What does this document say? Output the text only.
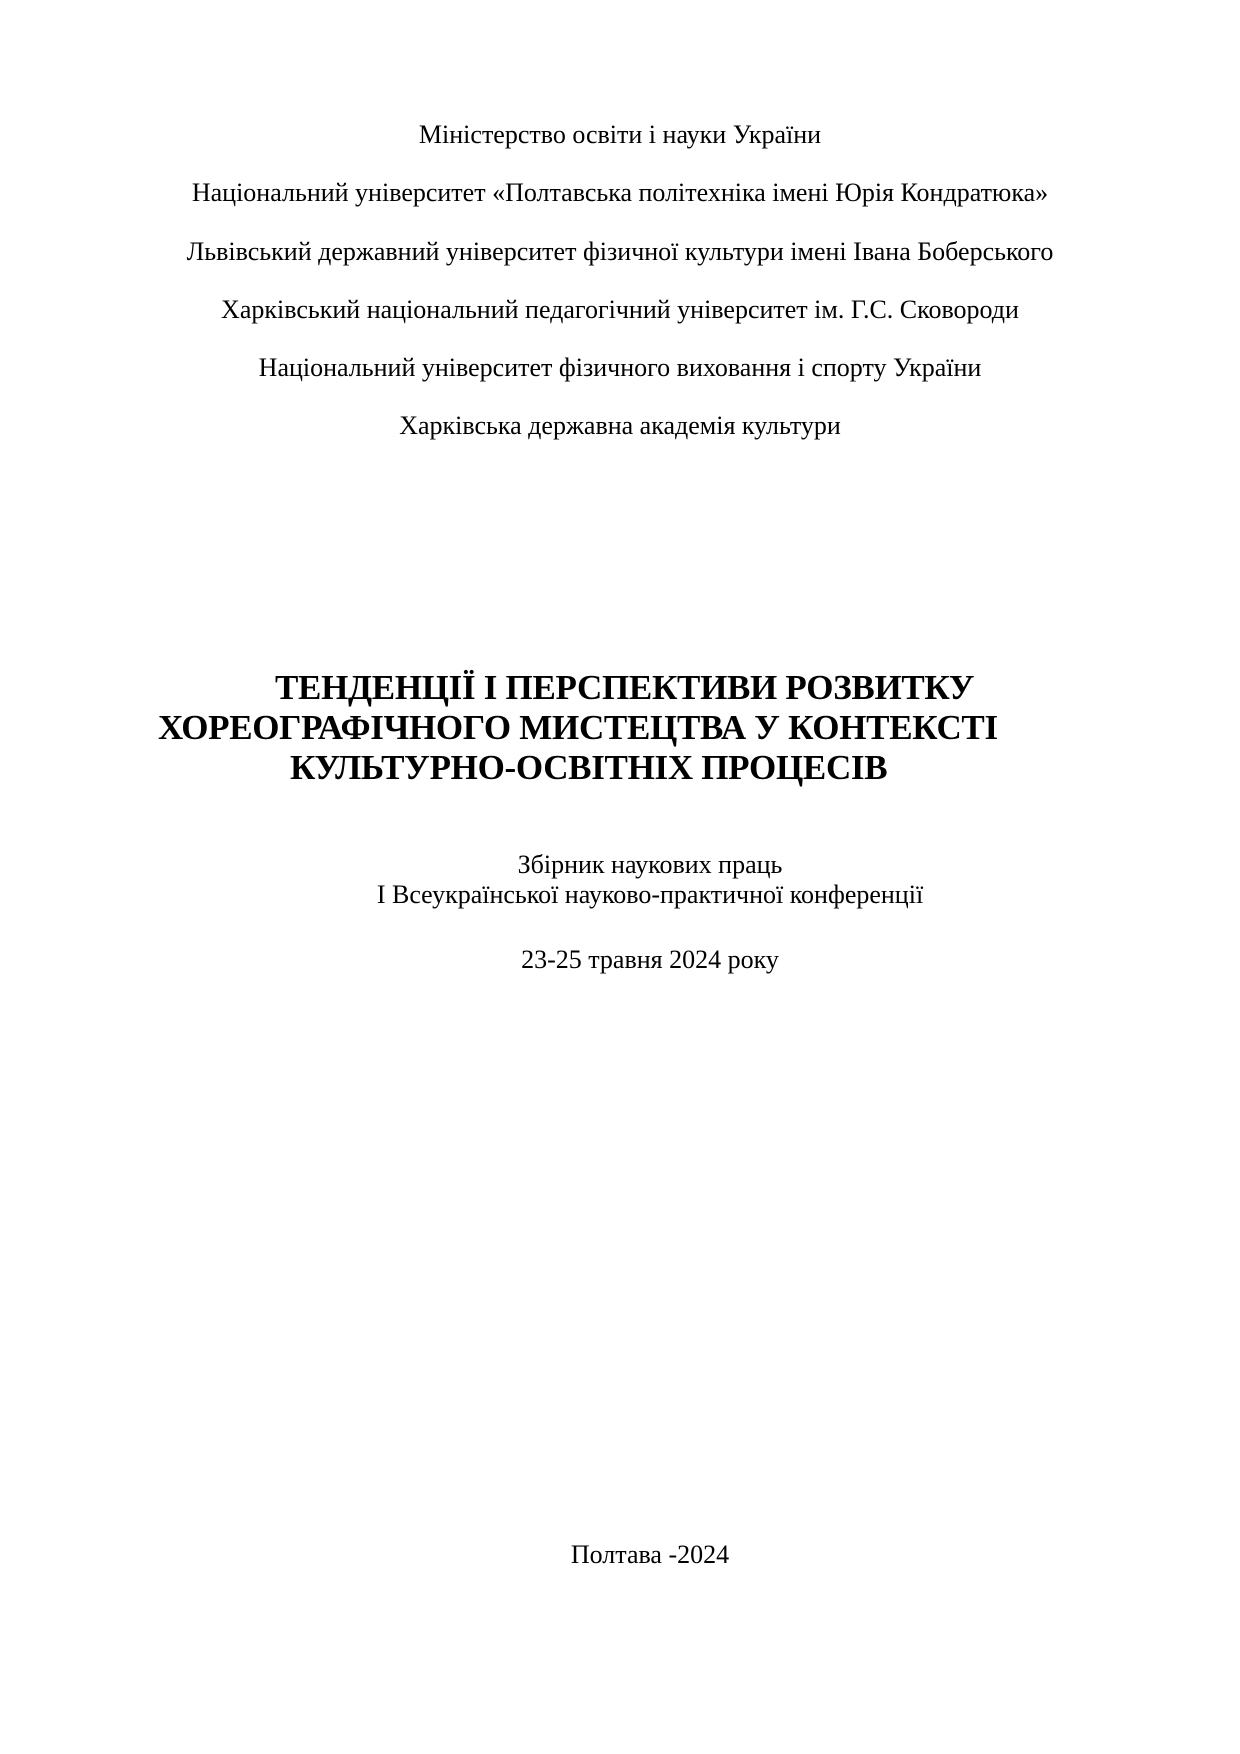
Міністерство освіти і науки України
Національний університет «Полтавська політехніка імені Юрія Кондратюка»
Львівський державний університет фізичної культури імені Івана Боберського
Харківський національний педагогічний університет ім. Г.С. Сковороди
Національний університет фізичного виховання і спорту України
Харківська державна академія культури
ТЕНДЕНЦІЇ І ПЕРСПЕКТИВИ РОЗВИТКУ
ХОРЕОГРАФІЧНОГО МИСТЕЦТВА У КОНТЕКСТІ
КУЛЬТУРНО-ОСВІТНІХ ПРОЦЕСІВ
Збірник наукових праць
І Всеукраїнської науково-практичної конференції
23-25 травня 2024 року
Полтава -2024
